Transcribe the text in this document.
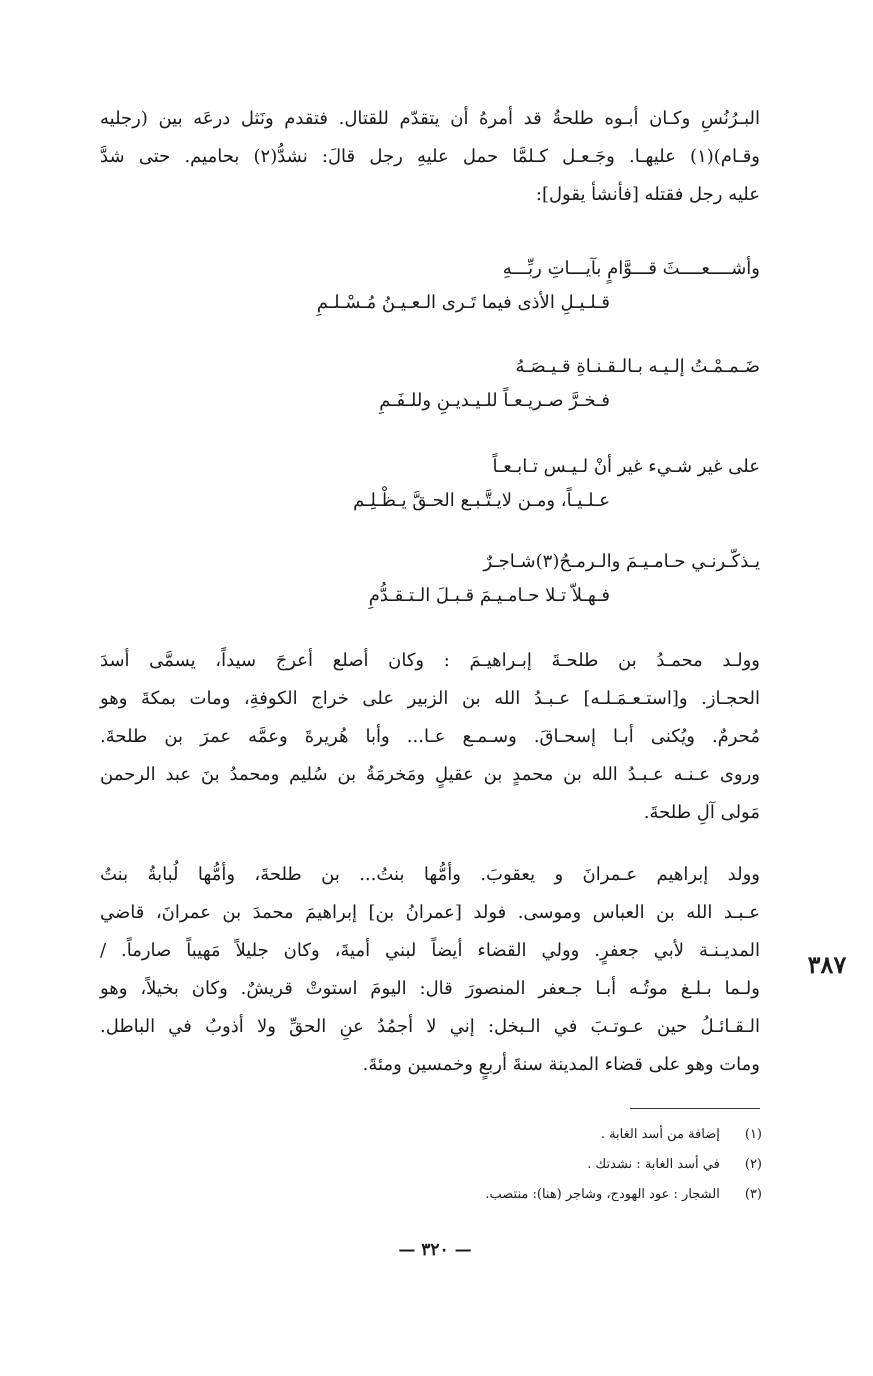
البـرُنُسِ وكـان أبـوه طلحةُ قد أمرهُ أن يتقدّم للقتال. فتقدم ونَثل درعَه بين (رجليه
وقـام)(١) عليهـا. وجَـعـل كـلمَّا حمل عليهِ رجل قالَ: نشدُّ(٢) بحاميم. حتى شدَّ
عليه رجل فقتله [فأنشأ يقول]:
وأشــــعــــثَ قـــوَّامٍ بآيـــاتِ ربِّـــهِ
قـلـيـلِ الأذى فيما تَـرى الـعـيـنُ مُـسْـلـمِ
ضَـمـمْـتُ إلـيـه بـالـقـنـاةِ قـيـصَـهُ
فـخـرَّ صـريـعـاً للـيـديـنِ وللـفَـمِ
على غير شـيء غير أنْ لـيـس تـابـعـاً
عـلـيـاً، ومـن لايـتَّـبـع الحـقَّ يـظْـلِـم
يـذكّـرنـي حـامـيـمَ والـرمـحُ(٣)شـاجـرٌ
فـهـلاّ تـلا حـامـيـمَ قـبـلَ الـتـقـدُّمِ
وولـد محمـدُ بن طلحـةَ إبـراهيـمَ : وكان أصلع أعرجَ سيداً، يسمَّى أسدَ
الحجـاز. و[استـعـمَـلـه] عـبـدُ الله بن الزبير على خراج الكوفةِ، ومات بمكةَ وهو
مُحرمٌ. ويُكنى أبـا إسحـاقَ. وسـمـع عـا... وأبا هُريرةَ وعمَّه عمرَ بن طلحةَ.
وروى عـنـه عـبـدُ الله بن محمدٍ بن عقيلٍ ومَخرمَةُ بن سُليم ومحمدُ بنَ عبد الرحمن
مَولى آلِ طلحةَ.
وولد إبراهيم عـمرانَ و يعقوبَ. وأمُّها بنتُ... بن طلحةَ، وأمُّها لُبابةُ بنتُ
عـبـد الله بن العباس وموسى. فولد [عمرانُ بن] إبراهيمَ محمدَ بن عمرانَ، قاضي
المديـنـة لأبي جعفرٍ. وولي القضاء أيضاً لبني أميةَ، وكان جليلاً مَهيباً صارماً. /
ولـما بـلـغ موتُـه أبـا جـعفر المنصورَ قال: اليومَ استوتْ قريشٌ. وكان بخيلاً، وهو
الـقـائـلُ حين عـوتـبَ في الـبخل: إني لا أجمُدُ عنِ الحقِّ ولا أذوبُ في الباطل.
ومات وهو على قضاء المدينة سنةَ أربعٍ وخمسين ومئةَ.
٣٨٧
(١) إضافة من أسد الغابة .
(٢) في أسد الغابة : نشدتك .
(٣) الشجار : عود الهودج، وشاجر (هنا): منتصب.
— ٣٢٠ —
